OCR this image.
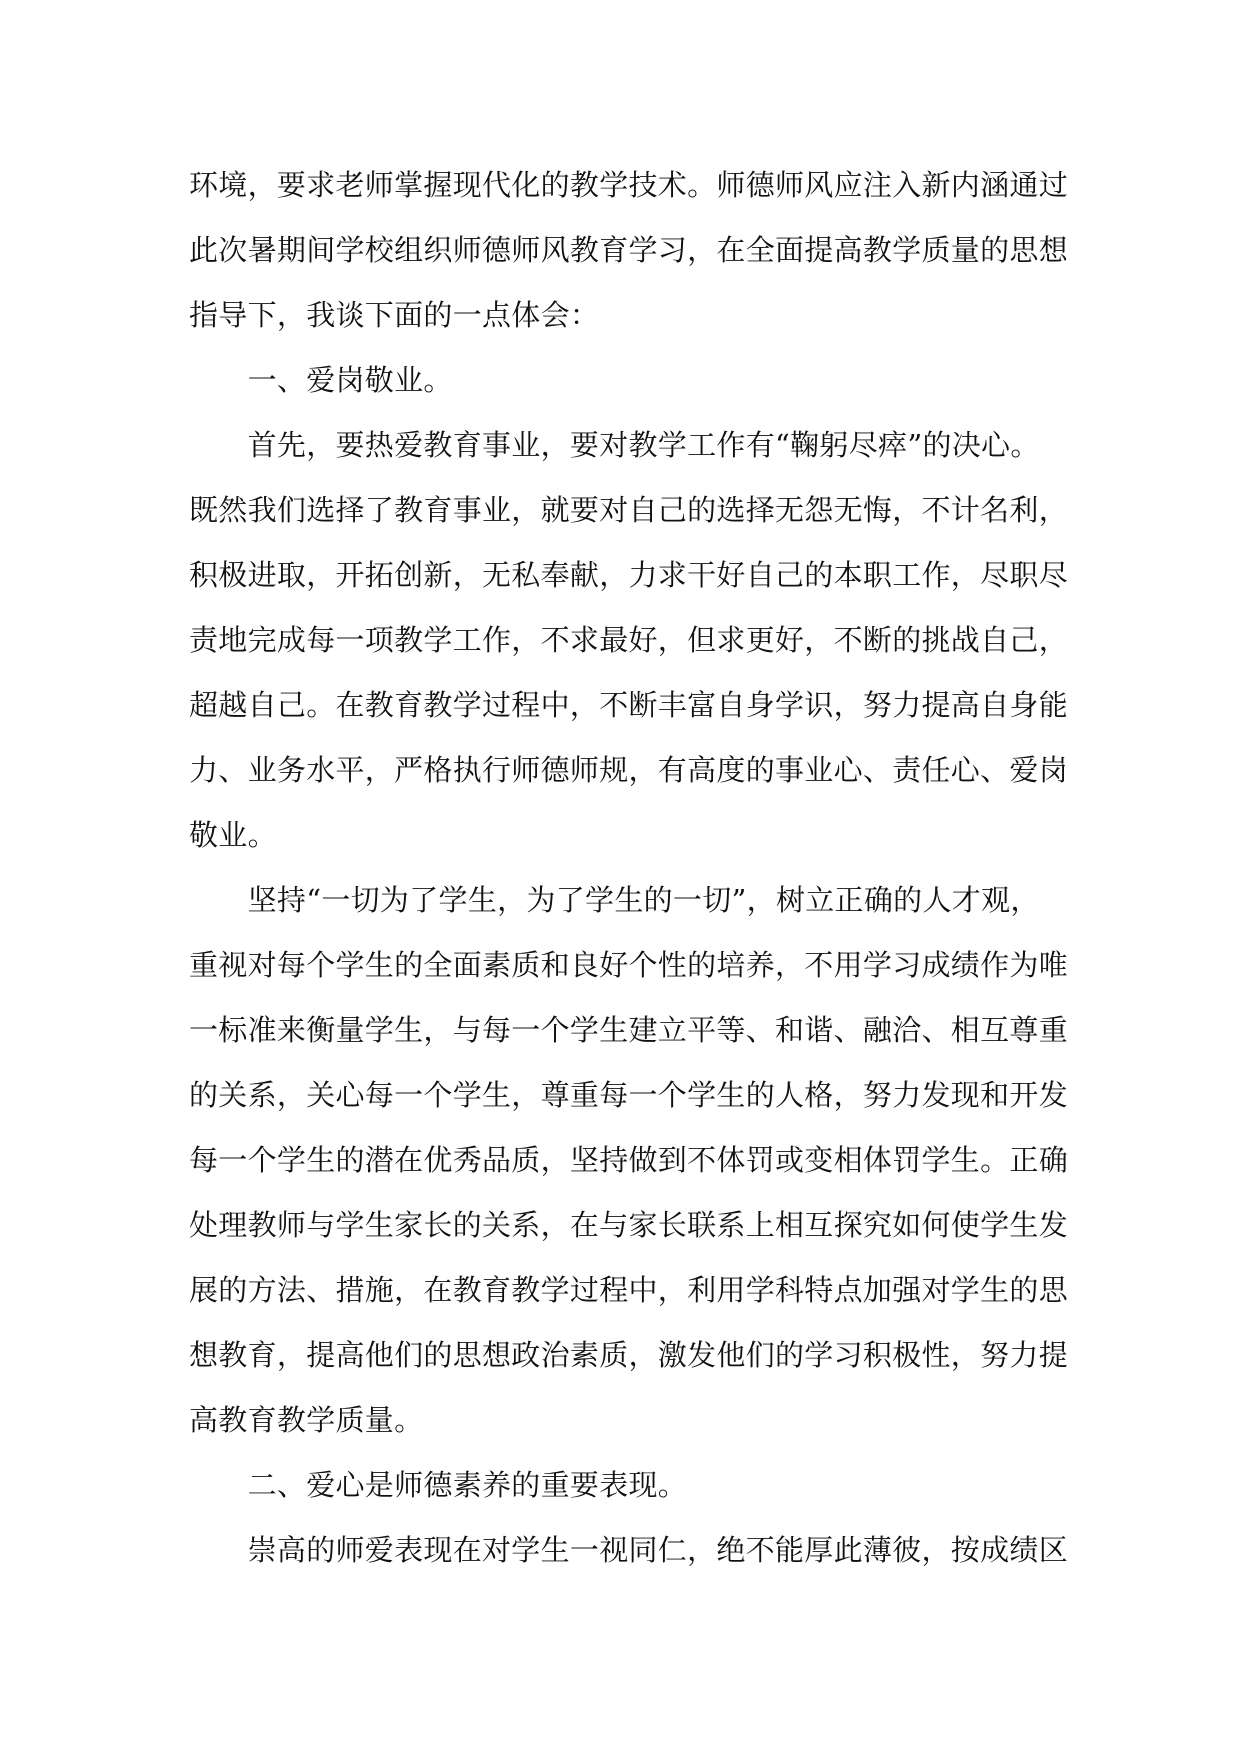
环境，要求老师掌握现代化的教学技术。师德师风应注入新内涵通过
此次暑期间学校组织师德师风教育学习，在全面提高教学质量的思想
指导下，我谈下面的一点体会：
　　一、爱岗敬业。
　　首先，要热爱教育事业，要对教学工作有“鞠躬尽瘁”的决心。
既然我们选择了教育事业，就要对自己的选择无怨无悔，不计名利，
积极进取，开拓创新，无私奉献，力求干好自己的本职工作，尽职尽
责地完成每一项教学工作，不求最好，但求更好，不断的挑战自己，
超越自己。在教育教学过程中，不断丰富自身学识，努力提高自身能
力、业务水平，严格执行师德师规，有高度的事业心、责任心、爱岗
敬业。
　　坚持“一切为了学生，为了学生的一切”，树立正确的人才观，
重视对每个学生的全面素质和良好个性的培养，不用学习成绩作为唯
一标准来衡量学生，与每一个学生建立平等、和谐、融洽、相互尊重
的关系，关心每一个学生，尊重每一个学生的人格，努力发现和开发
每一个学生的潜在优秀品质，坚持做到不体罚或变相体罚学生。正确
处理教师与学生家长的关系，在与家长联系上相互探究如何使学生发
展的方法、措施，在教育教学过程中，利用学科特点加强对学生的思
想教育，提高他们的思想政治素质，激发他们的学习积极性，努力提
高教育教学质量。
　　二、爱心是师德素养的重要表现。
　　崇高的师爱表现在对学生一视同仁，绝不能厚此薄彼，按成绩区
